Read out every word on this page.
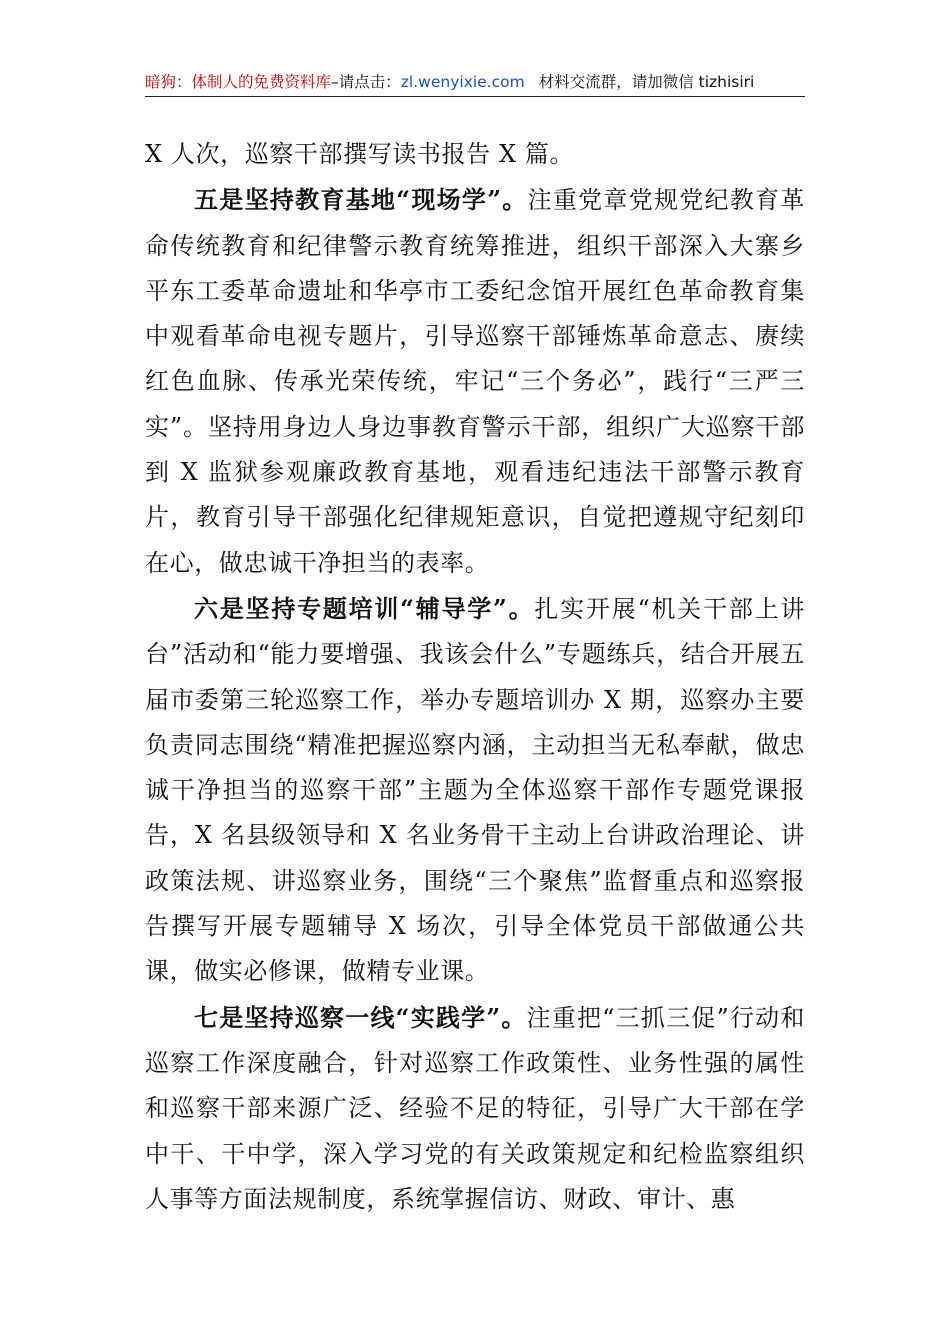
暗狗：体制人的免费资料库–请点击：zl.wenyixie.com 材料交流群，请加微信 tizhisiri

X 人次，巡察干部撰写读书报告 X 篇。

五是坚持教育基地“现场学”。注重党章党规党纪教育革命传统教育和纪律警示教育统筹推进，组织干部深入大寨乡平东工委革命遗址和华亭市工委纪念馆开展红色革命教育集中观看革命电视专题片，引导巡察干部锤炼革命意志、赓续红色血脉、传承光荣传统，牢记“三个务必”，践行“三严三实”。坚持用身边人身边事教育警示干部，组织广大巡察干部到 X 监狱参观廉政教育基地，观看违纪违法干部警示教育片，教育引导干部强化纪律规矩意识，自觉把遵规守纪刻印在心，做忠诚干净担当的表率。

六是坚持专题培训“辅导学”。扎实开展“机关干部上讲台”活动和“能力要增强、我该会什么”专题练兵，结合开展五届市委第三轮巡察工作，举办专题培训办 X 期，巡察办主要负责同志围绕“精准把握巡察内涵，主动担当无私奉献，做忠诚干净担当的巡察干部”主题为全体巡察干部作专题党课报告，X 名县级领导和 X 名业务骨干主动上台讲政治理论、讲政策法规、讲巡察业务，围绕“三个聚焦”监督重点和巡察报告撰写开展专题辅导 X 场次，引导全体党员干部做通公共课，做实必修课，做精专业课。

七是坚持巡察一线“实践学”。注重把“三抓三促”行动和巡察工作深度融合，针对巡察工作政策性、业务性强的属性和巡察干部来源广泛、经验不足的特征，引导广大干部在学中干、干中学，深入学习党的有关政策规定和纪检监察组织人事等方面法规制度，系统掌握信访、财政、审计、惠
